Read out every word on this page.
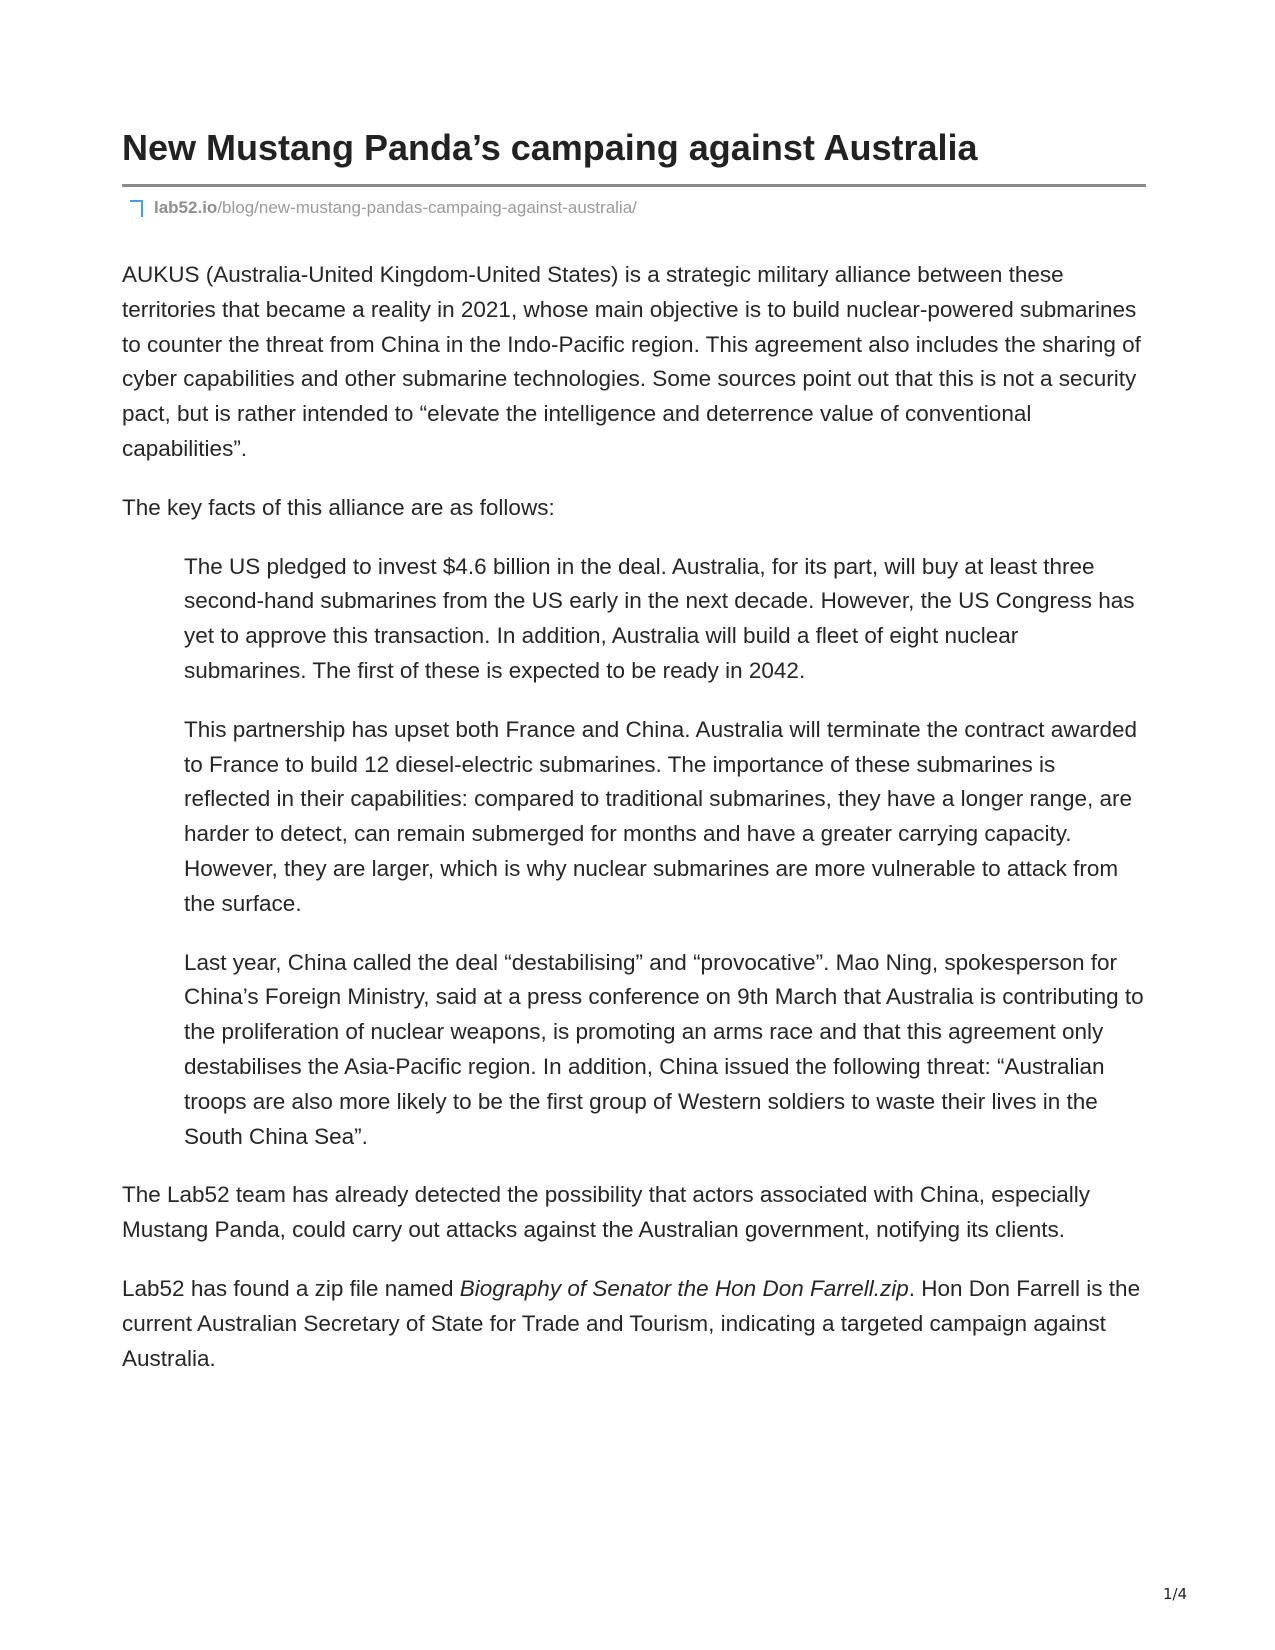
New Mustang Panda’s campaing against Australia
lab52.io /blog/new-mustang-pandas-campaing-against-australia/

AUKUS (Australia-United Kingdom-United States) is a strategic military alliance between these territories that became a reality in 2021, whose main objective is to build nuclear-powered submarines to counter the threat from China in the Indo-Pacific region. This agreement also includes the sharing of cyber capabilities and other submarine technologies. Some sources point out that this is not a security pact, but is rather intended to “elevate the intelligence and deterrence value of conventional capabilities”.

The key facts of this alliance are as follows:

The US pledged to invest $4.6 billion in the deal. Australia, for its part, will buy at least three second-hand submarines from the US early in the next decade. However, the US Congress has yet to approve this transaction. In addition, Australia will build a fleet of eight nuclear submarines. The first of these is expected to be ready in 2042.

This partnership has upset both France and China. Australia will terminate the contract awarded to France to build 12 diesel-electric submarines. The importance of these submarines is reflected in their capabilities: compared to traditional submarines, they have a longer range, are harder to detect, can remain submerged for months and have a greater carrying capacity. However, they are larger, which is why nuclear submarines are more vulnerable to attack from the surface.

Last year, China called the deal “destabilising” and “provocative”. Mao Ning, spokesperson for China’s Foreign Ministry, said at a press conference on 9th March that Australia is contributing to the proliferation of nuclear weapons, is promoting an arms race and that this agreement only destabilises the Asia-Pacific region. In addition, China issued the following threat: “Australian troops are also more likely to be the first group of Western soldiers to waste their lives in the South China Sea”.

The Lab52 team has already detected the possibility that actors associated with China, especially Mustang Panda, could carry out attacks against the Australian government, notifying its clients.

Lab52 has found a zip file named Biography of Senator the Hon Don Farrell.zip. Hon Don Farrell is the current Australian Secretary of State for Trade and Tourism, indicating a targeted campaign against Australia.

1/4
